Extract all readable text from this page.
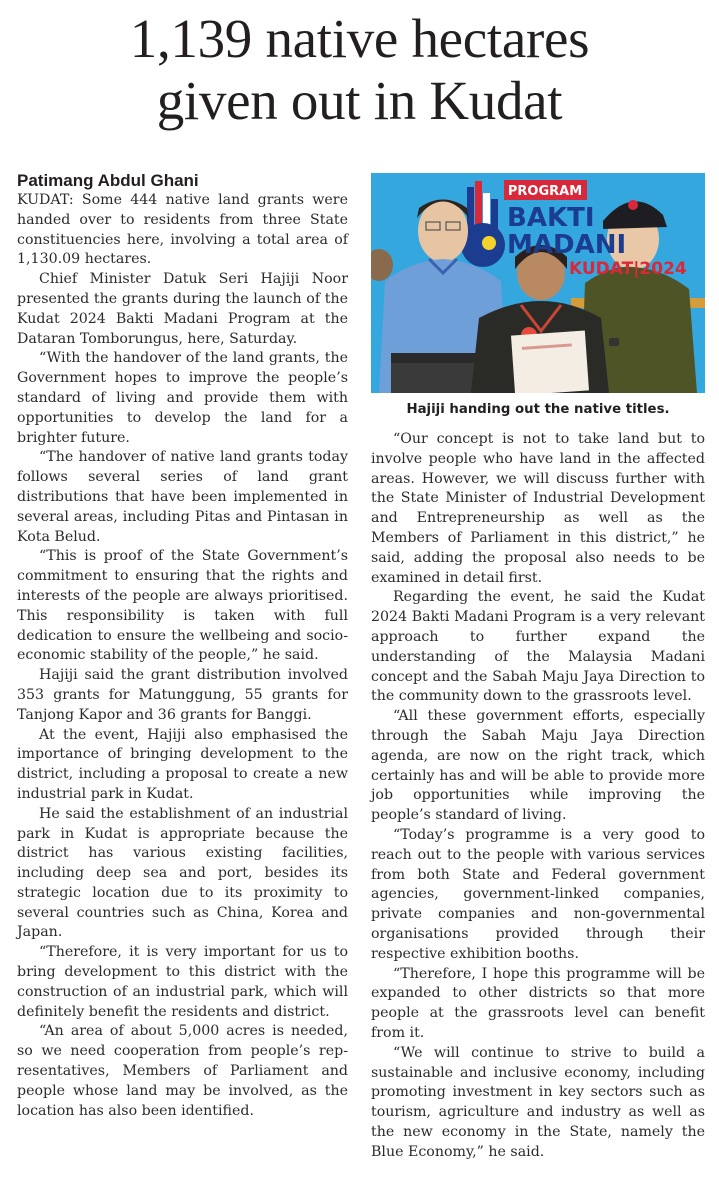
1,139 native hectares
given out in Kudat
Patimang Abdul Ghani

KUDAT: Some 444 native land grants were handed over to residents from three State constituencies here, involving a total area of 1,130.09 hectares.

Chief Minister Datuk Seri Hajiji Noor presented the grants during the launch of the Kudat 2024 Bakti Madani Program at the Dataran Tomborungus, here, Saturday.

“With the handover of the land grants, the Government hopes to improve the people’s standard of living and provide them with opportunities to develop the land for a brighter future.

“The handover of native land grants today follows several series of land grant distributions that have been implemented in several areas, including Pitas and Pintasan in Kota Belud.

“This is proof of the State Government’s commitment to ensuring that the rights and interests of the people are always prioritised. This responsibility is taken with full dedication to ensure the wellbeing and socio-economic stability of the people,” he said.

Hajiji said the grant distribution involved 353 grants for Matunggung, 55 grants for Tanjong Kapor and 36 grants for Banggi.

At the event, Hajiji also emphasised the importance of bringing development to the district, including a proposal to create a new industrial park in Kudat.

He said the establishment of an industrial park in Kudat is appropriate because the district has various existing facilities, including deep sea and port, besides its strategic location due to its proximity to several countries such as China, Korea and Japan.

“Therefore, it is very important for us to bring development to this district with the construction of an industrial park, which will definitely benefit the residents and district.

“An area of about 5,000 acres is needed, so we need cooperation from people’s representatives, Members of Parliament and people whose land may be involved, as the location has also been identified.

PROGRAM
BAKTI
MADANI
KUDAT|2024
Hajiji handing out the native titles.

“Our concept is not to take land but to involve people who have land in the affected areas. However, we will discuss further with the State Minister of Industrial Development and Entrepreneurship as well as the Members of Parliament in this district,” he said, adding the proposal also needs to be examined in detail first.

Regarding the event, he said the Kudat 2024 Bakti Madani Program is a very relevant approach to further expand the understanding of the Malaysia Madani concept and the Sabah Maju Jaya Direction to the community down to the grassroots level.

“All these government efforts, especially through the Sabah Maju Jaya Direction agenda, are now on the right track, which certainly has and will be able to provide more job opportunities while improving the people’s standard of living.

“Today’s programme is a very good to reach out to the people with various services from both State and Federal government agencies, government-linked companies, private companies and non-governmental organisations provided through their respective exhibition booths.

“Therefore, I hope this programme will be expanded to other districts so that more people at the grassroots level can benefit from it.

“We will continue to strive to build a sustainable and inclusive economy, including promoting investment in key sectors such as tourism, agriculture and industry as well as the new economy in the State, namely the Blue Economy,” he said.
